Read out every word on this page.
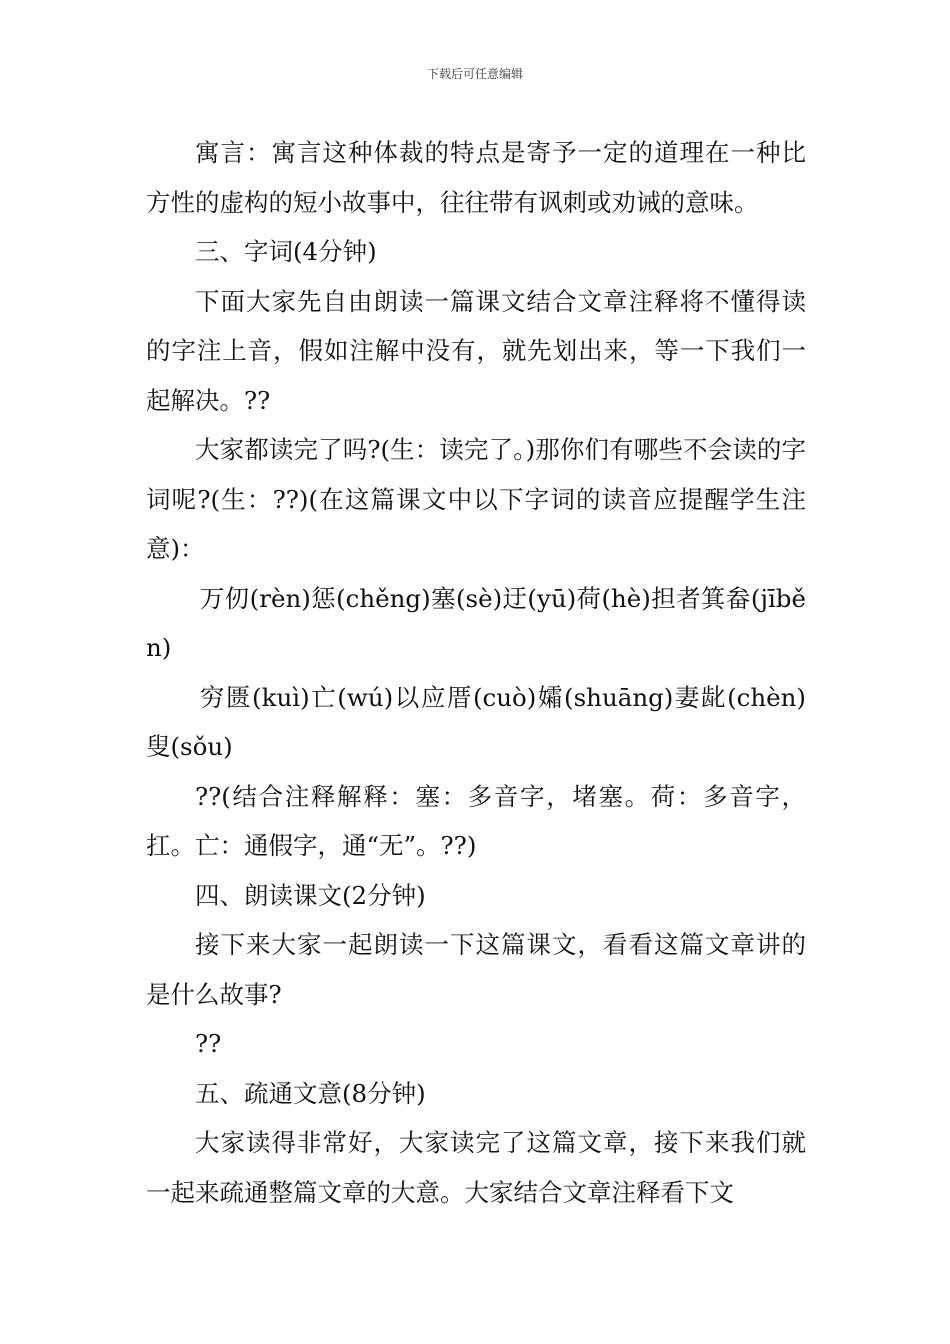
下载后可任意编辑

寓言：寓言这种体裁的特点是寄予一定的道理在一种比方性的虚构的短小故事中，往往带有讽刺或劝诫的意味。

三、字词(4分钟)

下面大家先自由朗读一篇课文结合文章注释将不懂得读的字注上音，假如注解中没有，就先划出来，等一下我们一起解决。??

大家都读完了吗?(生：读完了。)那你们有哪些不会读的字词呢?(生：??)(在这篇课文中以下字词的读音应提醒学生注意)：

万仞(rèn)惩(chěng)塞(sè)迂(yū)荷(hè)担者箕畚(jīběn)

穷匮(kuì)亡(wú)以应厝(cuò)孀(shuāng)妻龀(chèn)叟(sǒu)

??(结合注释解释：塞：多音字，堵塞。荷：多音字，扛。亡：通假字，通“无”。??)

四、朗读课文(2分钟)

接下来大家一起朗读一下这篇课文，看看这篇文章讲的是什么故事?

??

五、疏通文意(8分钟)

大家读得非常好，大家读完了这篇文章，接下来我们就一起来疏通整篇文章的大意。大家结合文章注释看下文
